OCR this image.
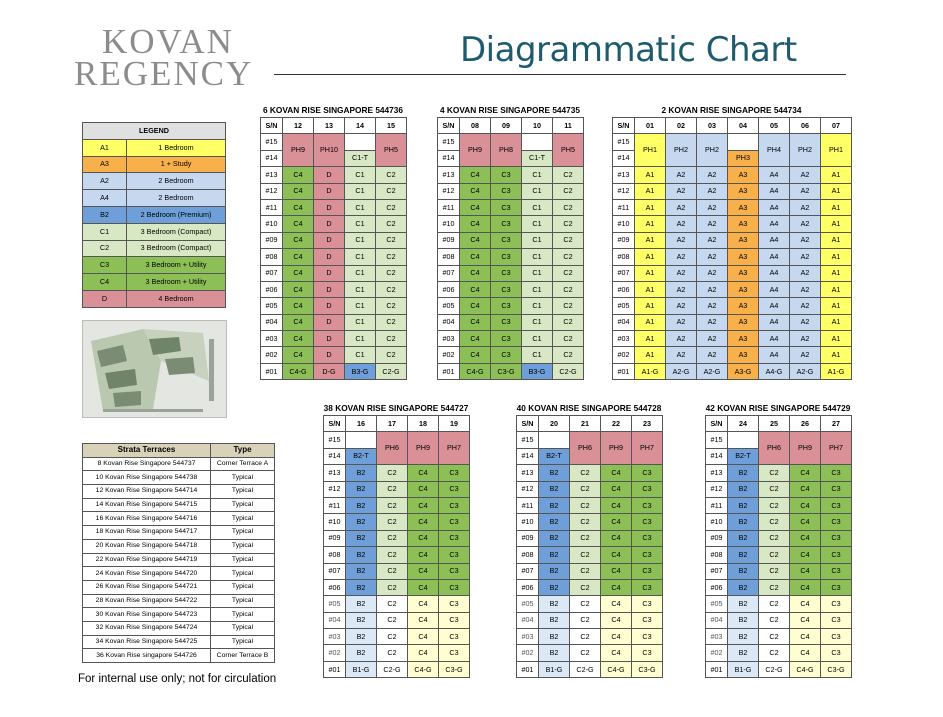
KOVAN
REGENCY
Diagrammatic Chart
LEGEND	
A1	1 Bedroom
A3	1 + Study
A2	2 Bedroom
A4	2 Bedroom
B2	2 Bedroom (Premium)
C1	3 Bedroom (Compact)
C2	3 Bedroom (Compact)
C3	3 Bedroom + Utility
C4	3 Bedroom + Utility
D	4 Bedroom
Strata Terraces	Type
8 Kovan Rise Singapore 544737	Corner Terrace A
10 Kovan Rise Singapore 544738	Typical
12 Kovan Rise Singapore 544714	Typical
14 Kovan Rise Singapore 544715	Typical
16 Kovan Rise Singapore 544716	Typical
18 Kovan Rise Singapore 544717	Typical
20 Kovan Rise Singapore 544718	Typical
22 Kovan Rise Singapore 544719	Typical
24 Kovan Rise Singapore 544720	Typical
26 Kovan Rise Singapore 544721	Typical
28 Kovan Rise Singapore 544722	Typical
30 Kovan Rise Singapore 544723	Typical
32 Kovan Rise Singapore 544724	Typical
34 Kovan Rise Singapore 544725	Typical
36 Kovan Rise singapore 544726	Corner Terrace B
6 KOVAN RISE SINGAPORE 544736
S/N	12	13	14	15
#15	PH9	PH10		PH5
#14			C1-T	
#13	C4	D	C1	C2
#12	C4	D	C1	C2
#11	C4	D	C1	C2
#10	C4	D	C1	C2
#09	C4	D	C1	C2
#08	C4	D	C1	C2
#07	C4	D	C1	C2
#06	C4	D	C1	C2
#05	C4	D	C1	C2
#04	C4	D	C1	C2
#03	C4	D	C1	C2
#02	C4	D	C1	C2
#01	C4-G	D-G	B3-G	C2-G
4 KOVAN RISE SINGAPORE 544735
S/N	08	09	10	11
#15	PH9	PH8		PH5
#14			C1-T	
#13	C4	C3	C1	C2
#12	C4	C3	C1	C2
#11	C4	C3	C1	C2
#10	C4	C3	C1	C2
#09	C4	C3	C1	C2
#08	C4	C3	C1	C2
#07	C4	C3	C1	C2
#06	C4	C3	C1	C2
#05	C4	C3	C1	C2
#04	C4	C3	C1	C2
#03	C4	C3	C1	C2
#02	C4	C3	C1	C2
#01	C4-G	C3-G	B3-G	C2-G
2 KOVAN RISE SINGAPORE 544734
S/N	01	02	03	04	05	06	07
#15	PH1	PH2	PH2		PH4	PH2	PH1
#14				PH3			
#13	A1	A2	A2	A3	A4	A2	A1
#12	A1	A2	A2	A3	A4	A2	A1
#11	A1	A2	A2	A3	A4	A2	A1
#10	A1	A2	A2	A3	A4	A2	A1
#09	A1	A2	A2	A3	A4	A2	A1
#08	A1	A2	A2	A3	A4	A2	A1
#07	A1	A2	A2	A3	A4	A2	A1
#06	A1	A2	A2	A3	A4	A2	A1
#05	A1	A2	A2	A3	A4	A2	A1
#04	A1	A2	A2	A3	A4	A2	A1
#03	A1	A2	A2	A3	A4	A2	A1
#02	A1	A2	A2	A3	A4	A2	A1
#01	A1-G	A2-G	A2-G	A3-G	A4-G	A2-G	A1-G
38 KOVAN RISE SINGAPORE 544727
S/N	16	17	18	19
#15		PH6	PH9	PH7
#14	B2-T			
#13	B2	C2	C4	C3
#12	B2	C2	C4	C3
#11	B2	C2	C4	C3
#10	B2	C2	C4	C3
#09	B2	C2	C4	C3
#08	B2	C2	C4	C3
#07	B2	C2	C4	C3
#06	B2	C2	C4	C3
#05	B2	C2	C4	C3
#04	B2	C2	C4	C3
#03	B2	C2	C4	C3
#02	B2	C2	C4	C3
#01	B1-G	C2-G	C4-G	C3-G
40 KOVAN RISE SINGAPORE 544728
S/N	20	21	22	23
#15		PH6	PH9	PH7
#14	B2-T			
#13	B2	C2	C4	C3
#12	B2	C2	C4	C3
#11	B2	C2	C4	C3
#10	B2	C2	C4	C3
#09	B2	C2	C4	C3
#08	B2	C2	C4	C3
#07	B2	C2	C4	C3
#06	B2	C2	C4	C3
#05	B2	C2	C4	C3
#04	B2	C2	C4	C3
#03	B2	C2	C4	C3
#02	B2	C2	C4	C3
#01	B1-G	C2-G	C4-G	C3-G
42 KOVAN RISE SINGAPORE 544729
S/N	24	25	26	27
#15		PH6	PH9	PH7
#14	B2-T			
#13	B2	C2	C4	C3
#12	B2	C2	C4	C3
#11	B2	C2	C4	C3
#10	B2	C2	C4	C3
#09	B2	C2	C4	C3
#08	B2	C2	C4	C3
#07	B2	C2	C4	C3
#06	B2	C2	C4	C3
#05	B2	C2	C4	C3
#04	B2	C2	C4	C3
#03	B2	C2	C4	C3
#02	B2	C2	C4	C3
#01	B1-G	C2-G	C4-G	C3-G
For internal use only; not for circulation
